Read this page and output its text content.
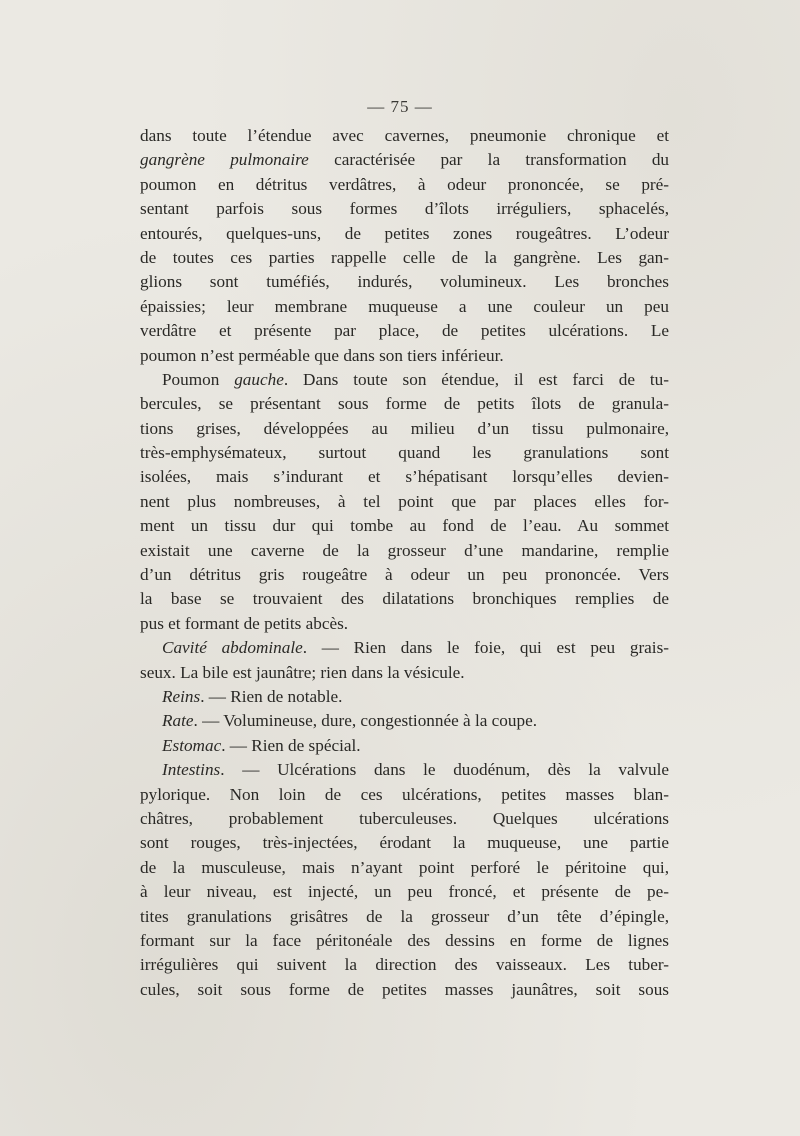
— 75 —
dans toute l’étendue avec cavernes, pneumonie chronique et
gangrène pulmonaire caractérisée par la transformation du
poumon en détritus verdâtres, à odeur prononcée, se pré-
sentant parfois sous formes d’îlots irréguliers, sphacelés,
entourés, quelques-uns, de petites zones rougeâtres. L’odeur
de toutes ces parties rappelle celle de la gangrène. Les gan-
glions sont tuméfiés, indurés, volumineux. Les bronches
épaissies; leur membrane muqueuse a une couleur un peu
verdâtre et présente par place, de petites ulcérations. Le
poumon n’est perméable que dans son tiers inférieur.
Poumon gauche. Dans toute son étendue, il est farci de tu-
bercules, se présentant sous forme de petits îlots de granula-
tions grises, développées au milieu d’un tissu pulmonaire,
très-emphysémateux, surtout quand les granulations sont
isolées, mais s’indurant et s’hépatisant lorsqu’elles devien-
nent plus nombreuses, à tel point que par places elles for-
ment un tissu dur qui tombe au fond de l’eau. Au sommet
existait une caverne de la grosseur d’une mandarine, remplie
d’un détritus gris rougeâtre à odeur un peu prononcée. Vers
la base se trouvaient des dilatations bronchiques remplies de
pus et formant de petits abcès.
Cavité abdominale. — Rien dans le foie, qui est peu grais-
seux. La bile est jaunâtre; rien dans la vésicule.
Reins. — Rien de notable.
Rate. — Volumineuse, dure, congestionnée à la coupe.
Estomac. — Rien de spécial.
Intestins. — Ulcérations dans le duodénum, dès la valvule
pylorique. Non loin de ces ulcérations, petites masses blan-
châtres, probablement tuberculeuses. Quelques ulcérations
sont rouges, très-injectées, érodant la muqueuse, une partie
de la musculeuse, mais n’ayant point perforé le péritoine qui,
à leur niveau, est injecté, un peu froncé, et présente de pe-
tites granulations grisâtres de la grosseur d’un tête d’épingle,
formant sur la face péritonéale des dessins en forme de lignes
irrégulières qui suivent la direction des vaisseaux. Les tuber-
cules, soit sous forme de petites masses jaunâtres, soit sous
